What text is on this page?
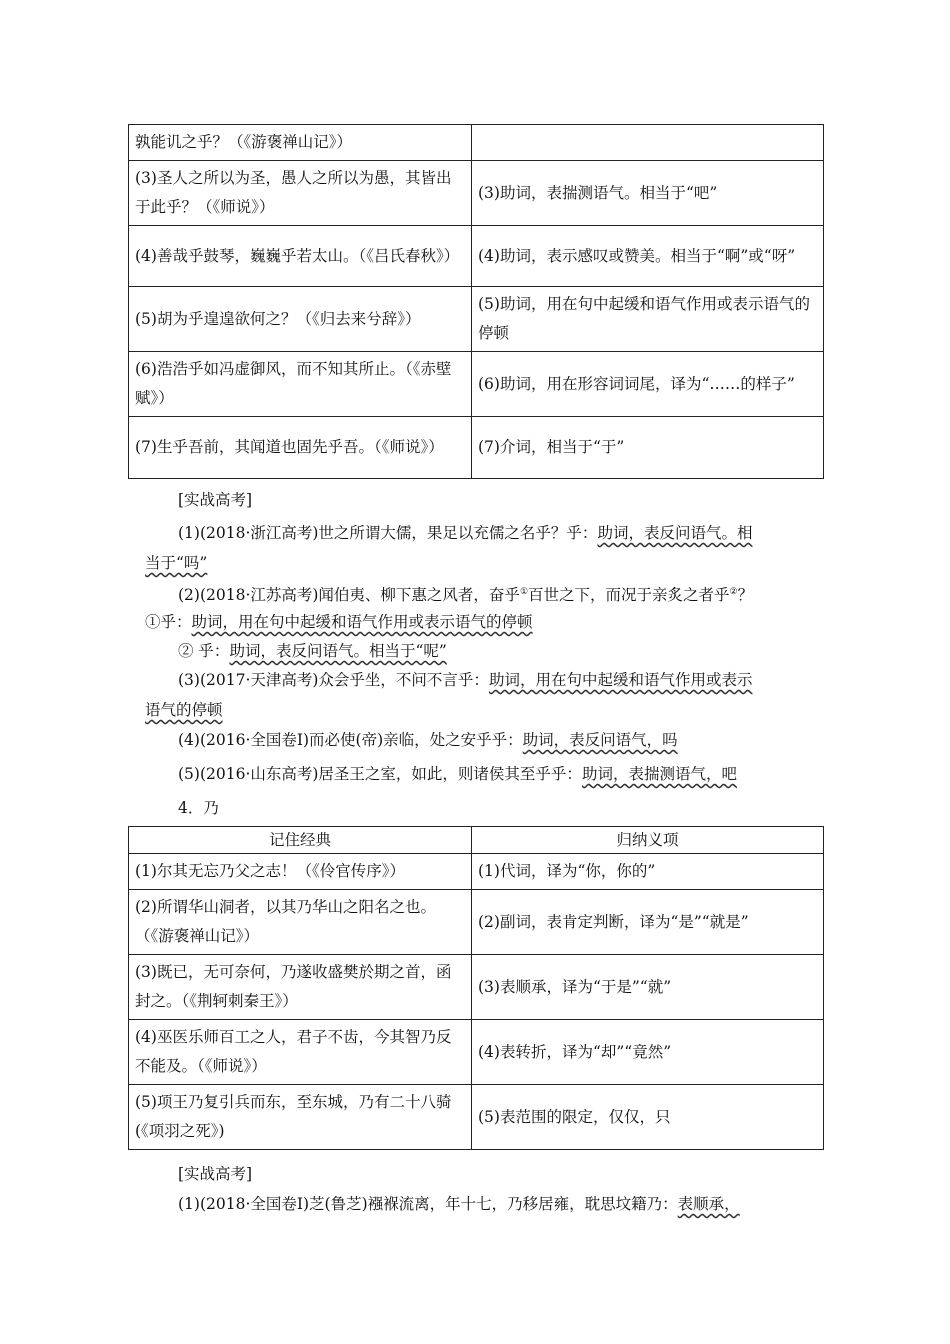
孰能讥之乎？（《游褒禅山记》）	
(3)圣人之所以为圣，愚人之所以为愚，其皆出于此乎？（《师说》）	(3)助词，表揣测语气。相当于“吧”
(4)善哉乎鼓琴，巍巍乎若太山。（《吕氏春秋》）	(4)助词，表示感叹或赞美。相当于“啊”或“呀”
(5)胡为乎遑遑欲何之？（《归去来兮辞》）	(5)助词，用在句中起缓和语气作用或表示语气的停顿
(6)浩浩乎如冯虚御风，而不知其所止。（《赤壁赋》）	(6)助词，用在形容词词尾，译为“……的样子”
(7)生乎吾前，其闻道也固先乎吾。（《师说》）	(7)介词，相当于“于”
[实战高考]
(1)(2018·浙江高考)世之所谓大儒，果足以充儒之名乎？乎：助词，表反问语气。相
当于“吗”
(2)(2018·江苏高考)闻伯夷、柳下惠之风者，奋乎①百世之下，而况于亲炙之者乎②？
①乎：助词，用在句中起缓和语气作用或表示语气的停顿
② 乎：助词，表反问语气。相当于“呢”
(3)(2017·天津高考)众会乎坐，不问不言乎：助词，用在句中起缓和语气作用或表示
语气的停顿
(4)(2016·全国卷Ⅰ)而必使(帝)亲临，处之安乎乎：助词，表反问语气，吗
(5)(2016·山东高考)居圣王之室，如此，则诸侯其至乎乎：助词，表揣测语气，吧
4．乃
记住经典	归纳义项
(1)尔其无忘乃父之志！（《伶官传序》）	(1)代词，译为“你，你的”
(2)所谓华山洞者，以其乃华山之阳名之也。（《游褒禅山记》）	(2)副词，表肯定判断，译为“是”“就是”
(3)既已，无可奈何，乃遂收盛樊於期之首，函封之。（《荆轲刺秦王》）	(3)表顺承，译为“于是”“就”
(4)巫医乐师百工之人，君子不齿，今其智乃反不能及。（《师说》）	(4)表转折，译为“却”“竟然”
(5)项王乃复引兵而东，至东城，乃有二十八骑(《项羽之死》)	(5)表范围的限定，仅仅，只
[实战高考]
(1)(2018·全国卷Ⅰ)芝(鲁芝)襁褓流离，年十七，乃移居雍，耽思坟籍乃：表顺承，
